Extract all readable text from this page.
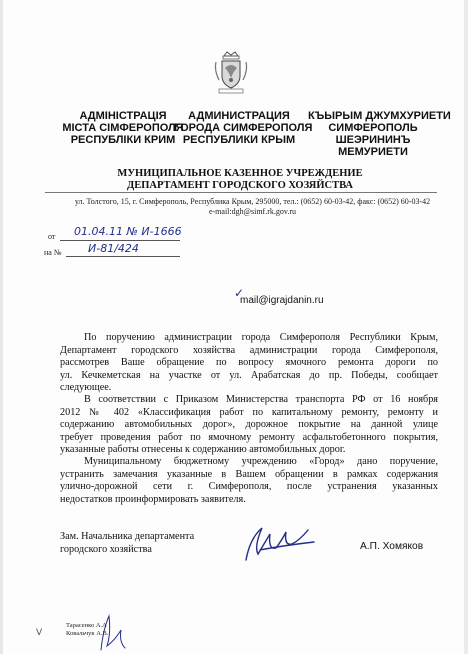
АДМІНІСТРАЦІЯ
МІСТА СІМФЕРОПОЛЯ
РЕСПУБЛІКИ КРИМ
АДМИНИСТРАЦИЯ
ГОРОДА СИМФЕРОПОЛЯ
РЕСПУБЛИКИ КРЫМ
КЪЫРЫМ ДЖУМХУРИЕТИ
СИМФЕРОПОЛЬ
ШЕЭРИНИНЪ
МЕМУРИЕТИ
МУНИЦИПАЛЬНОЕ КАЗЕННОЕ УЧРЕЖДЕНИЕ
ДЕПАРТАМЕНТ ГОРОДСКОГО ХОЗЯЙСТВА
ул. Толстого, 15, г. Симферополь, Республика Крым, 295000, тел.: (0652) 60-03-42, факс: (0652) 60-03-42
e-mail:dgh@simf.rk.gov.ru
от 01.04.11 № И-1666
на № И-81/424
✓
mail@igrajdanin.ru
По поручению администрации города Симферополя Республики Крым,
Департамент городского хозяйства администрации города Симферополя,
рассмотрев Ваше обращение по вопросу ямочного ремонта дороги по
ул. Кечкеметская на участке от ул. Арабатская до пр. Победы, сообщает
следующее.
В соответствии с Приказом Министерства транспорта РФ от 16 ноября
2012 № 402 «Классификация работ по капитальному ремонту, ремонту и
содержанию автомобильных дорог», дорожное покрытие на данной улице
требует проведения работ по ямочному ремонту асфальтобетонного покрытия,
указанные работы отнесены к содержанию автомобильных дорог.
Муниципальному бюджетному учреждению «Город» дано поручение,
устранить замечания указанные в Вашем обращении в рамках содержания
улично-дорожной сети г. Симферополя, после устранения указанных
недостатков проинформировать заявителя.
Зам. Начальника департамента
городского хозяйства	А.П. Хомяков
Тарасенко А.А
Ковальчук А.В.
V
